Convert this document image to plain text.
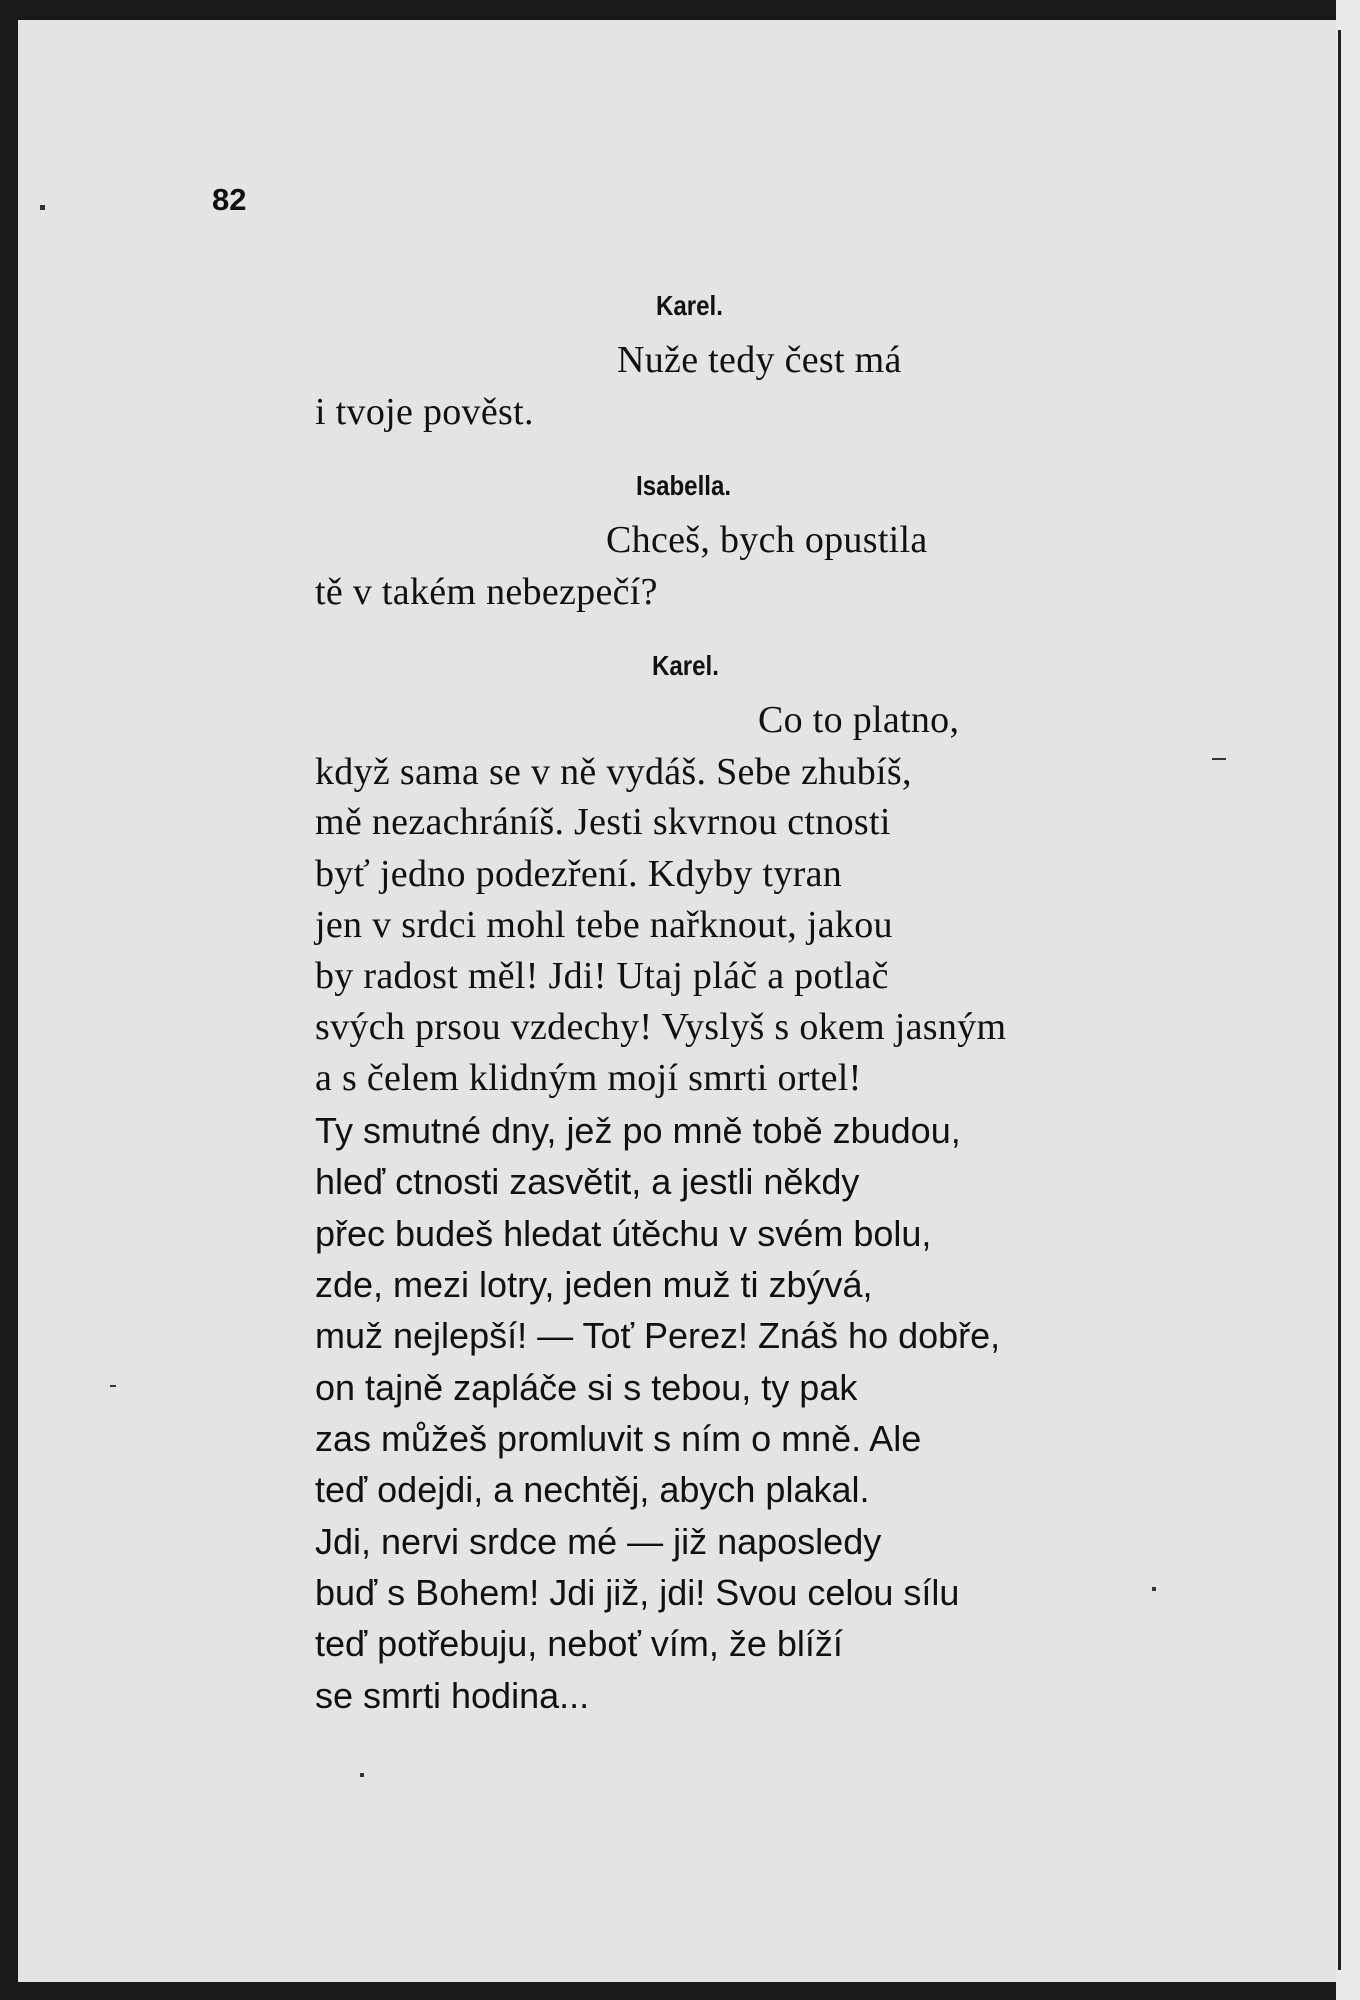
82
Karel.
Isabella.
Karel.
Nuže tedy čest má
i tvoje pověst.
Chceš, bych opustila
tě v takém nebezpečí?
Co to platno,
když sama se v ně vydáš. Sebe zhubíš,
mě nezachráníš. Jesti skvrnou ctnosti
byť jedno podezření. Kdyby tyran
jen v srdci mohl tebe nařknout, jakou
by radost měl! Jdi! Utaj pláč a potlač
svých prsou vzdechy! Vyslyš s okem jasným
a s čelem klidným mojí smrti ortel!
Ty smutné dny, jež po mně tobě zbudou,
hleď ctnosti zasvětit, a jestli někdy
přec budeš hledat útěchu v svém bolu,
zde, mezi lotry, jeden muž ti zbývá,
muž nejlepší! — Toť Perez! Znáš ho dobře,
on tajně zapláče si s tebou, ty pak
zas můžeš promluvit s ním o mně. Ale
teď odejdi, a nechtěj, abych plakal.
Jdi, nervi srdce mé — již naposledy
buď s Bohem! Jdi již, jdi! Svou celou sílu
teď potřebuju, neboť vím, že blíží
se smrti hodina...
